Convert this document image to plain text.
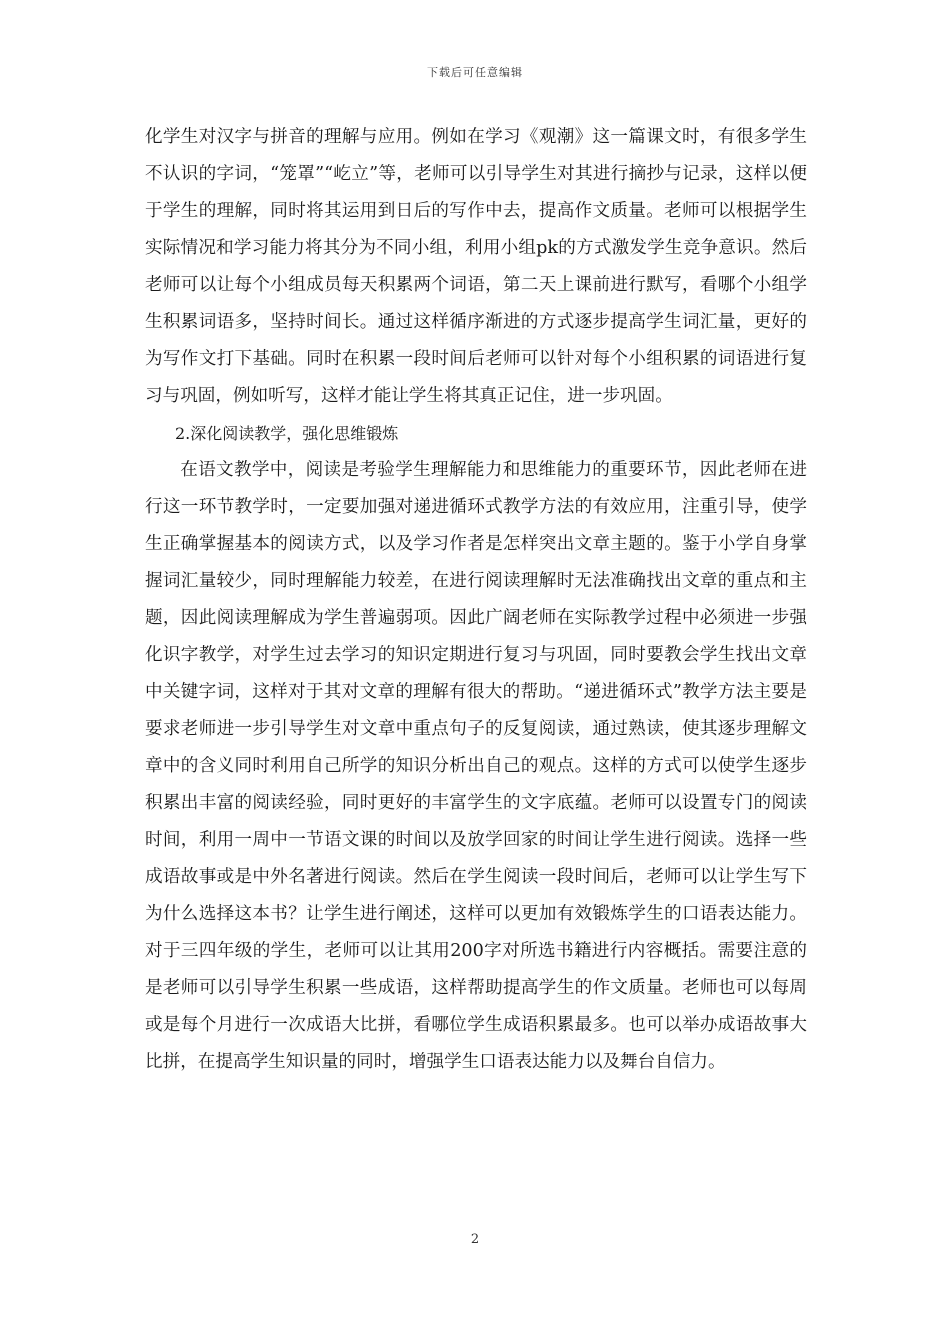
下载后可任意编辑

化学生对汉字与拼音的理解与应用。例如在学习《观潮》这一篇课文时，有很多学生不认识的字词，“笼罩”“屹立”等，老师可以引导学生对其进行摘抄与记录，这样以便于学生的理解，同时将其运用到日后的写作中去，提高作文质量。老师可以根据学生实际情况和学习能力将其分为不同小组，利用小组pk的方式激发学生竞争意识。然后老师可以让每个小组成员每天积累两个词语，第二天上课前进行默写，看哪个小组学生积累词语多，坚持时间长。通过这样循序渐进的方式逐步提高学生词汇量，更好的为写作文打下基础。同时在积累一段时间后老师可以针对每个小组积累的词语进行复习与巩固，例如听写，这样才能让学生将其真正记住，进一步巩固。

2.深化阅读教学，强化思维锻炼

在语文教学中，阅读是考验学生理解能力和思维能力的重要环节，因此老师在进行这一环节教学时，一定要加强对递进循环式教学方法的有效应用，注重引导，使学生正确掌握基本的阅读方式，以及学习作者是怎样突出文章主题的。鉴于小学自身掌握词汇量较少，同时理解能力较差，在进行阅读理解时无法准确找出文章的重点和主题，因此阅读理解成为学生普遍弱项。因此广阔老师在实际教学过程中必须进一步强化识字教学，对学生过去学习的知识定期进行复习与巩固，同时要教会学生找出文章中关键字词，这样对于其对文章的理解有很大的帮助。“递进循环式”教学方法主要是要求老师进一步引导学生对文章中重点句子的反复阅读，通过熟读，使其逐步理解文章中的含义同时利用自己所学的知识分析出自己的观点。这样的方式可以使学生逐步积累出丰富的阅读经验，同时更好的丰富学生的文字底蕴。老师可以设置专门的阅读时间，利用一周中一节语文课的时间以及放学回家的时间让学生进行阅读。选择一些成语故事或是中外名著进行阅读。然后在学生阅读一段时间后，老师可以让学生写下为什么选择这本书？让学生进行阐述，这样可以更加有效锻炼学生的口语表达能力。对于三四年级的学生，老师可以让其用200字对所选书籍进行内容概括。需要注意的是老师可以引导学生积累一些成语，这样帮助提高学生的作文质量。老师也可以每周或是每个月进行一次成语大比拼，看哪位学生成语积累最多。也可以举办成语故事大比拼，在提高学生知识量的同时，增强学生口语表达能力以及舞台自信力。

2
